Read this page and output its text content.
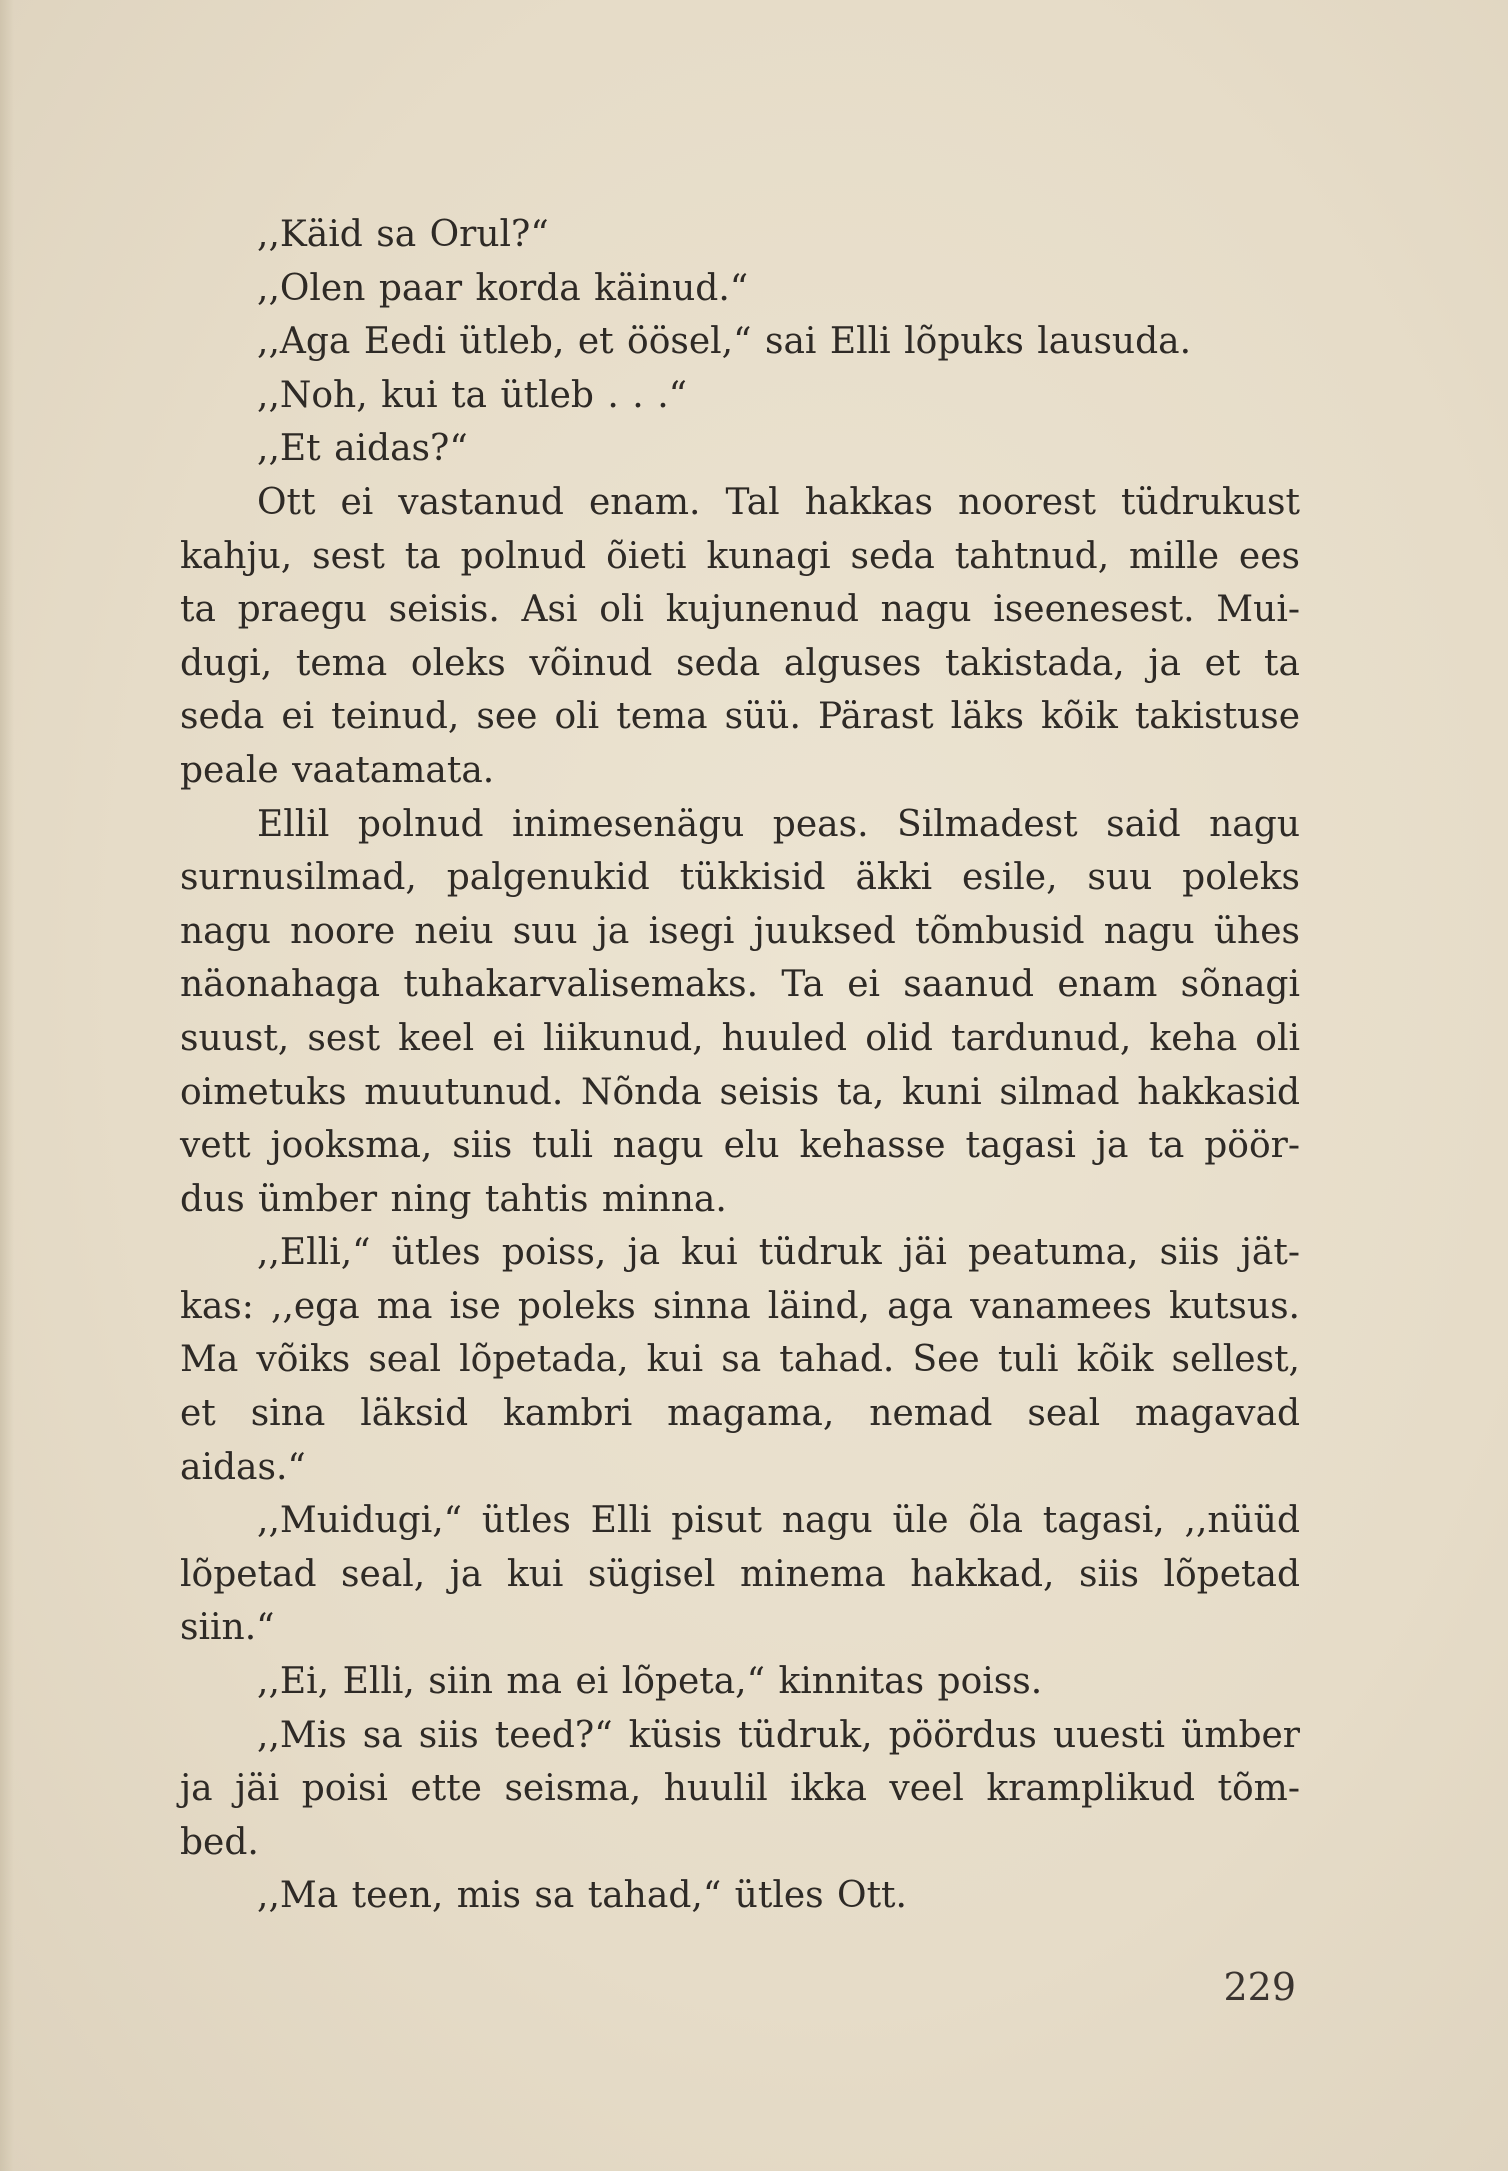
,,Käid sa Orul?“
,,Olen paar korda käinud.“
,,Aga Eedi ütleb, et öösel,“ sai Elli lõpuks lausuda.
,,Noh, kui ta ütleb . . .“
,,Et aidas?“
Ott ei vastanud enam. Tal hakkas noorest tüdrukust
kahju, sest ta polnud õieti kunagi seda tahtnud, mille ees
ta praegu seisis. Asi oli kujunenud nagu iseenesest. Mui-
dugi, tema oleks võinud seda alguses takistada, ja et ta
seda ei teinud, see oli tema süü. Pärast läks kõik takistuse
peale vaatamata.
Ellil polnud inimesenägu peas. Silmadest said nagu
surnusilmad, palgenukid tükkisid äkki esile, suu poleks
nagu noore neiu suu ja isegi juuksed tõmbusid nagu ühes
näonahaga tuhakarvalisemaks. Ta ei saanud enam sõnagi
suust, sest keel ei liikunud, huuled olid tardunud, keha oli
oimetuks muutunud. Nõnda seisis ta, kuni silmad hakkasid
vett jooksma, siis tuli nagu elu kehasse tagasi ja ta pöör-
dus ümber ning tahtis minna.
,,Elli,“ ütles poiss, ja kui tüdruk jäi peatuma, siis jät-
kas: ,,ega ma ise poleks sinna läind, aga vanamees kutsus.
Ma võiks seal lõpetada, kui sa tahad. See tuli kõik sellest,
et sina läksid kambri magama, nemad seal magavad
aidas.“
,,Muidugi,“ ütles Elli pisut nagu üle õla tagasi, ,,nüüd
lõpetad seal, ja kui sügisel minema hakkad, siis lõpetad
siin.“
,,Ei, Elli, siin ma ei lõpeta,“ kinnitas poiss.
,,Mis sa siis teed?“ küsis tüdruk, pöördus uuesti ümber
ja jäi poisi ette seisma, huulil ikka veel kramplikud tõm-
bed.
,,Ma teen, mis sa tahad,“ ütles Ott.
229
